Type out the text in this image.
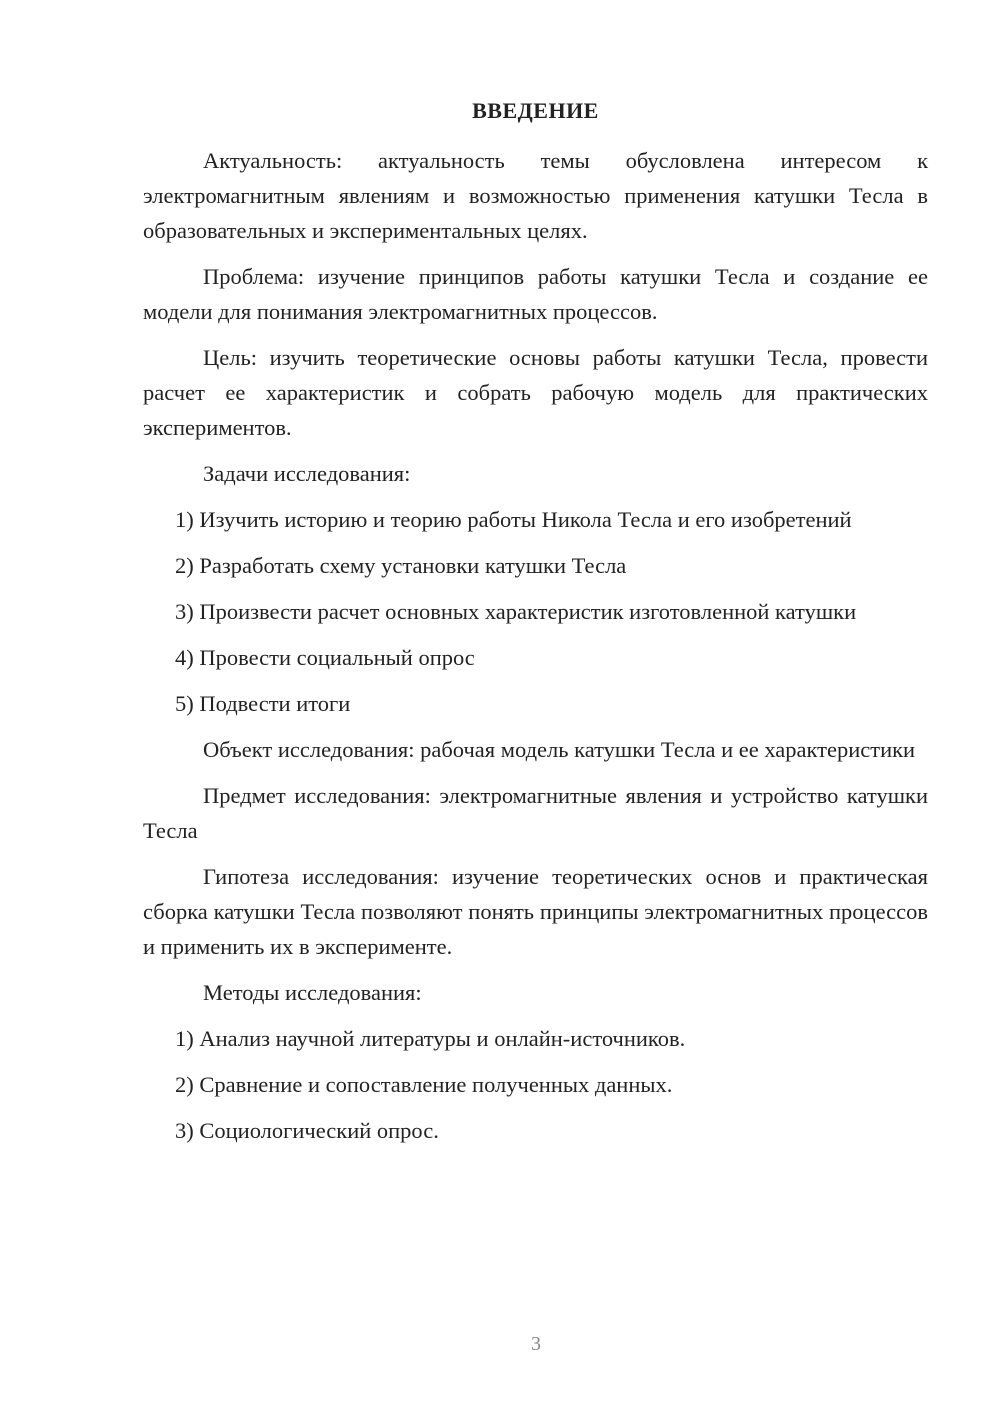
ВВЕДЕНИЕ

Актуальность: актуальность темы обусловлена интересом к электромагнитным явлениям и возможностью применения катушки Тесла в образовательных и экспериментальных целях.

Проблема: изучение принципов работы катушки Тесла и создание ее модели для понимания электромагнитных процессов.

Цель: изучить теоретические основы работы катушки Тесла, провести расчет ее характеристик и собрать рабочую модель для практических экспериментов.

Задачи исследования:

1) Изучить историю и теорию работы Никола Тесла и его изобретений

2) Разработать схему установки катушки Тесла

3) Произвести расчет основных характеристик изготовленной катушки

4) Провести социальный опрос

5) Подвести итоги

Объект исследования: рабочая модель катушки Тесла и ее характеристики

Предмет исследования: электромагнитные явления и устройство катушки Тесла

Гипотеза исследования: изучение теоретических основ и практическая сборка катушки Тесла позволяют понять принципы электромагнитных процессов и применить их в эксперименте.

Методы исследования:

1) Анализ научной литературы и онлайн-источников.

2) Сравнение и сопоставление полученных данных.

3) Социологический опрос.

3
